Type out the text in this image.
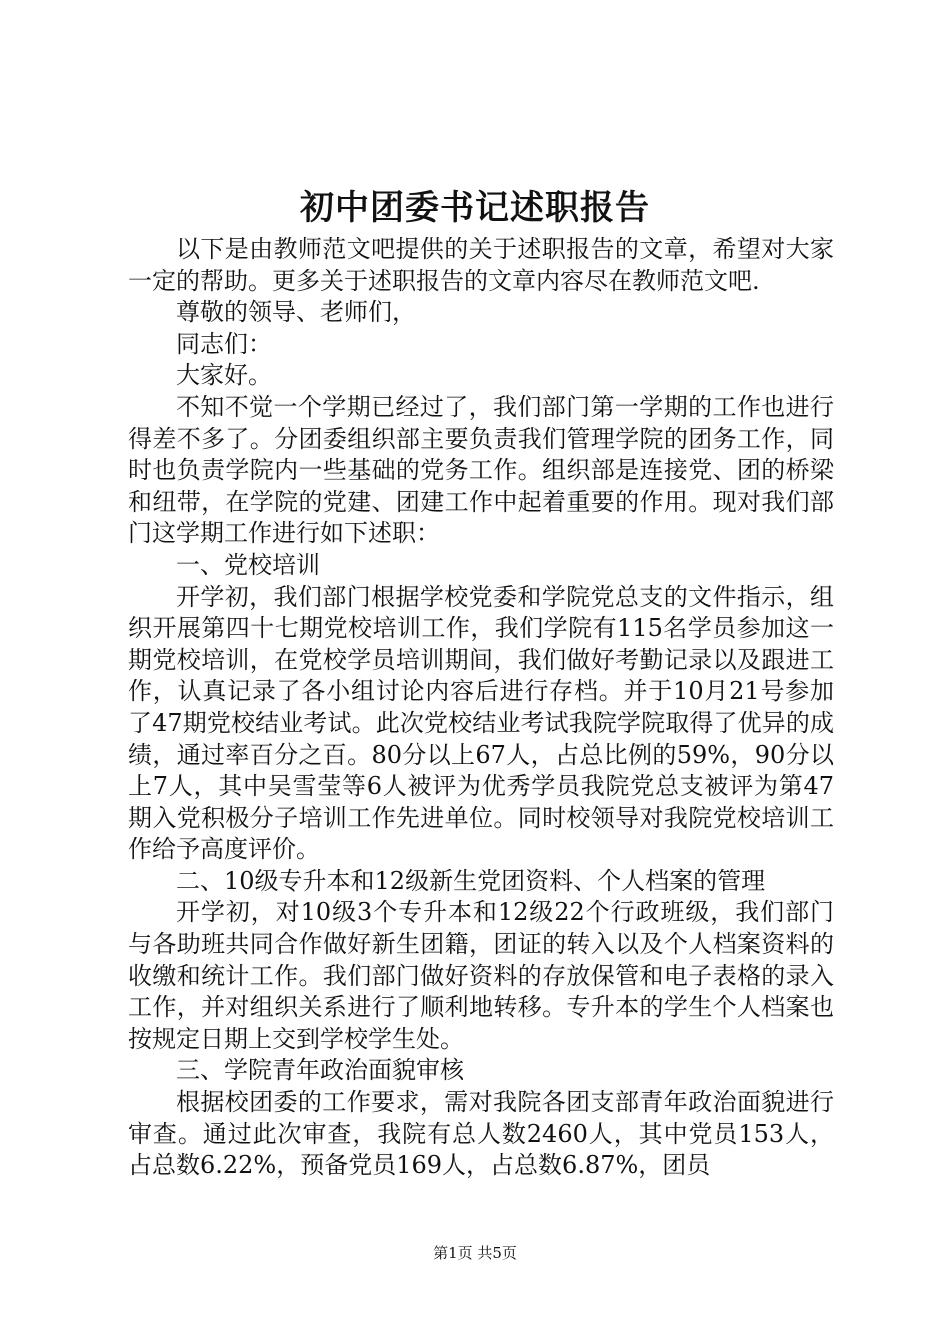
初中团委书记述职报告

以下是由教师范文吧提供的关于述职报告的文章，希望对大家一定的帮助。更多关于述职报告的文章内容尽在教师范文吧.

尊敬的领导、老师们，

同志们：

大家好。

不知不觉一个学期已经过了，我们部门第一学期的工作也进行得差不多了。分团委组织部主要负责我们管理学院的团务工作，同时也负责学院内一些基础的党务工作。组织部是连接党、团的桥梁和纽带，在学院的党建、团建工作中起着重要的作用。现对我们部门这学期工作进行如下述职：

一、党校培训

开学初，我们部门根据学校党委和学院党总支的文件指示，组织开展第四十七期党校培训工作，我们学院有115名学员参加这一期党校培训，在党校学员培训期间，我们做好考勤记录以及跟进工作，认真记录了各小组讨论内容后进行存档。并于10月21号参加了47期党校结业考试。此次党校结业考试我院学院取得了优异的成绩，通过率百分之百。80分以上67人，占总比例的59%，90分以上7人，其中吴雪莹等6人被评为优秀学员我院党总支被评为第47期入党积极分子培训工作先进单位。同时校领导对我院党校培训工作给予高度评价。

二、10级专升本和12级新生党团资料、个人档案的管理

开学初，对10级3个专升本和12级22个行政班级，我们部门与各助班共同合作做好新生团籍，团证的转入以及个人档案资料的收缴和统计工作。我们部门做好资料的存放保管和电子表格的录入工作，并对组织关系进行了顺利地转移。专升本的学生个人档案也按规定日期上交到学校学生处。

三、学院青年政治面貌审核

根据校团委的工作要求，需对我院各团支部青年政治面貌进行审查。通过此次审查，我院有总人数2460人，其中党员153人，占总数6.22%，预备党员169人，占总数6.87%，团员

第1页 共5页
